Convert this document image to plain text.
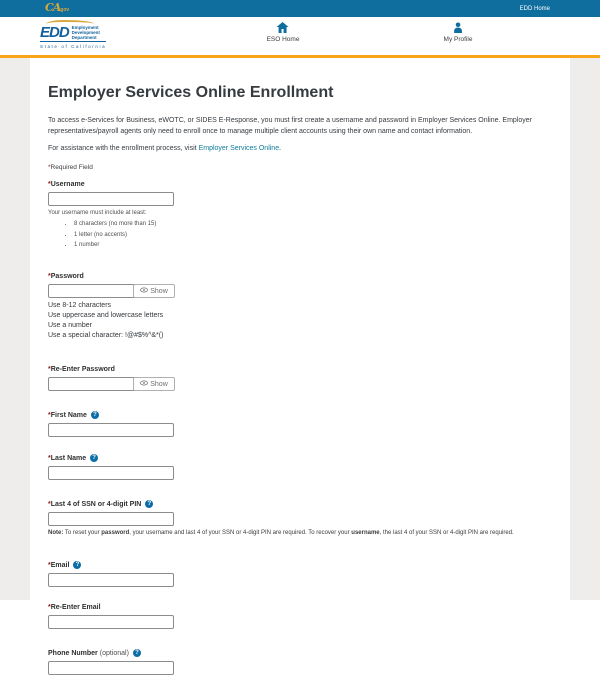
CAgov	EDD Home
EDD Employment
Development
Department
State of California
ESO Home	My Profile
Employer Services Online Enrollment

To access e-Services for Business, eWOTC, or SIDES E-Response, you must first create a username and password in Employer Services Online. Employer representatives/payroll agents only need to enroll once to manage multiple client accounts using their own name and contact information.

For assistance with the enrollment process, visit Employer Services Online.

*Required Field

* Username
Your username must include at least:
• 8 characters (no more than 15)
• 1 letter (no accents)
• 1 number
* Password
Show
Use 8-12 characters
Use uppercase and lowercase letters
Use a number
Use a special character: !@#$%^&*()
* Re-Enter Password
Show
* First Name	?
* Last Name	?
* Last 4 of SSN or 4-digit PIN	?
Note: To reset your password, your username and last 4 of your SSN or 4-digit PIN are required. To recover your username, the last 4 of your SSN or 4-digit PIN are required.
* Email	?
* Re-Enter Email
Phone Number
(optional)	?
